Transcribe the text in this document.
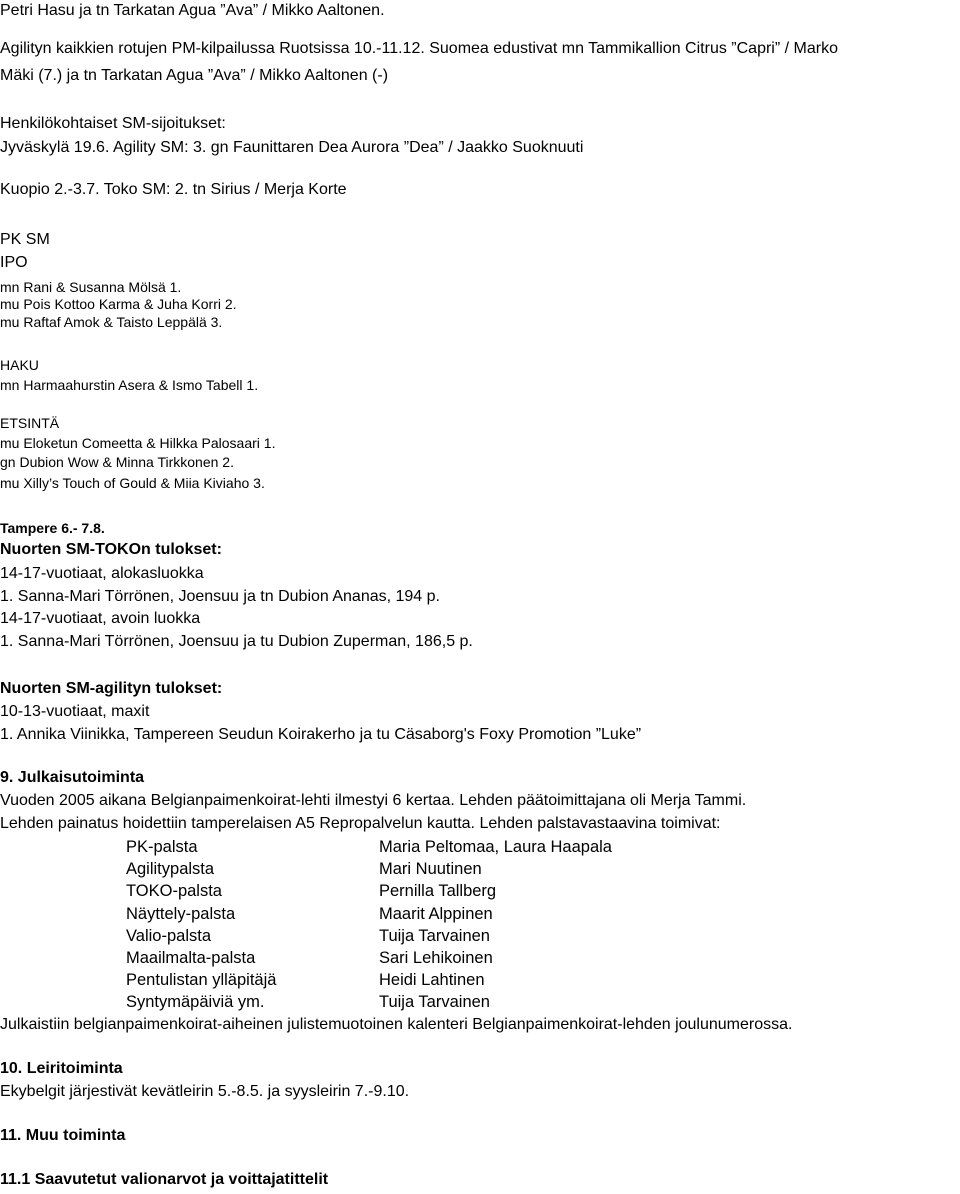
Petri Hasu ja tn Tarkatan Agua ”Ava” / Mikko Aaltonen.
Agilityn kaikkien rotujen PM-kilpailussa Ruotsissa 10.-11.12. Suomea edustivat mn Tammikallion Citrus ”Capri” / Marko
Mäki (7.) ja tn Tarkatan Agua ”Ava” / Mikko Aaltonen (-)
Henkilökohtaiset SM-sijoitukset:
Jyväskylä 19.6. Agility SM: 3. gn Faunittaren Dea Aurora ”Dea” / Jaakko Suoknuuti
Kuopio 2.-3.7. Toko SM: 2. tn Sirius / Merja Korte
PK SM
IPO
mn Rani & Susanna Mölsä 1.
mu Pois Kottoo Karma & Juha Korri 2.
mu Raftaf Amok & Taisto Leppälä 3.
HAKU
mn Harmaahurstin Asera & Ismo Tabell 1.
ETSINTÄ
mu Eloketun Comeetta & Hilkka Palosaari 1.
gn Dubion Wow & Minna Tirkkonen 2.
mu Xilly’s Touch of Gould & Miia Kiviaho 3.
Tampere 6.- 7.8.
Nuorten SM-TOKOn tulokset:
14-17-vuotiaat, alokasluokka
1. Sanna-Mari Törrönen, Joensuu ja tn Dubion Ananas, 194 p.
14-17-vuotiaat, avoin luokka
1. Sanna-Mari Törrönen, Joensuu ja tu Dubion Zuperman, 186,5 p.
Nuorten SM-agilityn tulokset:
10-13-vuotiaat, maxit
1. Annika Viinikka, Tampereen Seudun Koirakerho ja tu Cäsaborg's Foxy Promotion ”Luke”
9. Julkaisutoiminta
Vuoden 2005 aikana Belgianpaimenkoirat-lehti ilmestyi 6 kertaa. Lehden päätoimittajana oli Merja Tammi.
Lehden painatus hoidettiin tamperelaisen A5 Repropalvelun kautta. Lehden palstavastaavina toimivat:
PK-palsta	Maria Peltomaa, Laura Haapala
Agilitypalsta	Mari Nuutinen
TOKO-palsta	Pernilla Tallberg
Näyttely-palsta	Maarit Alppinen
Valio-palsta	Tuija Tarvainen
Maailmalta-palsta	Sari Lehikoinen
Pentulistan ylläpitäjä	Heidi Lahtinen
Syntymäpäiviä ym.	Tuija Tarvainen
Julkaistiin belgianpaimenkoirat-aiheinen julistemuotoinen kalenteri Belgianpaimenkoirat-lehden joulunumerossa.
10. Leiritoiminta
Ekybelgit järjestivät kevätleirin 5.-8.5. ja syysleirin 7.-9.10.
11. Muu toiminta
11.1 Saavutetut valionarvot ja voittajatittelit
